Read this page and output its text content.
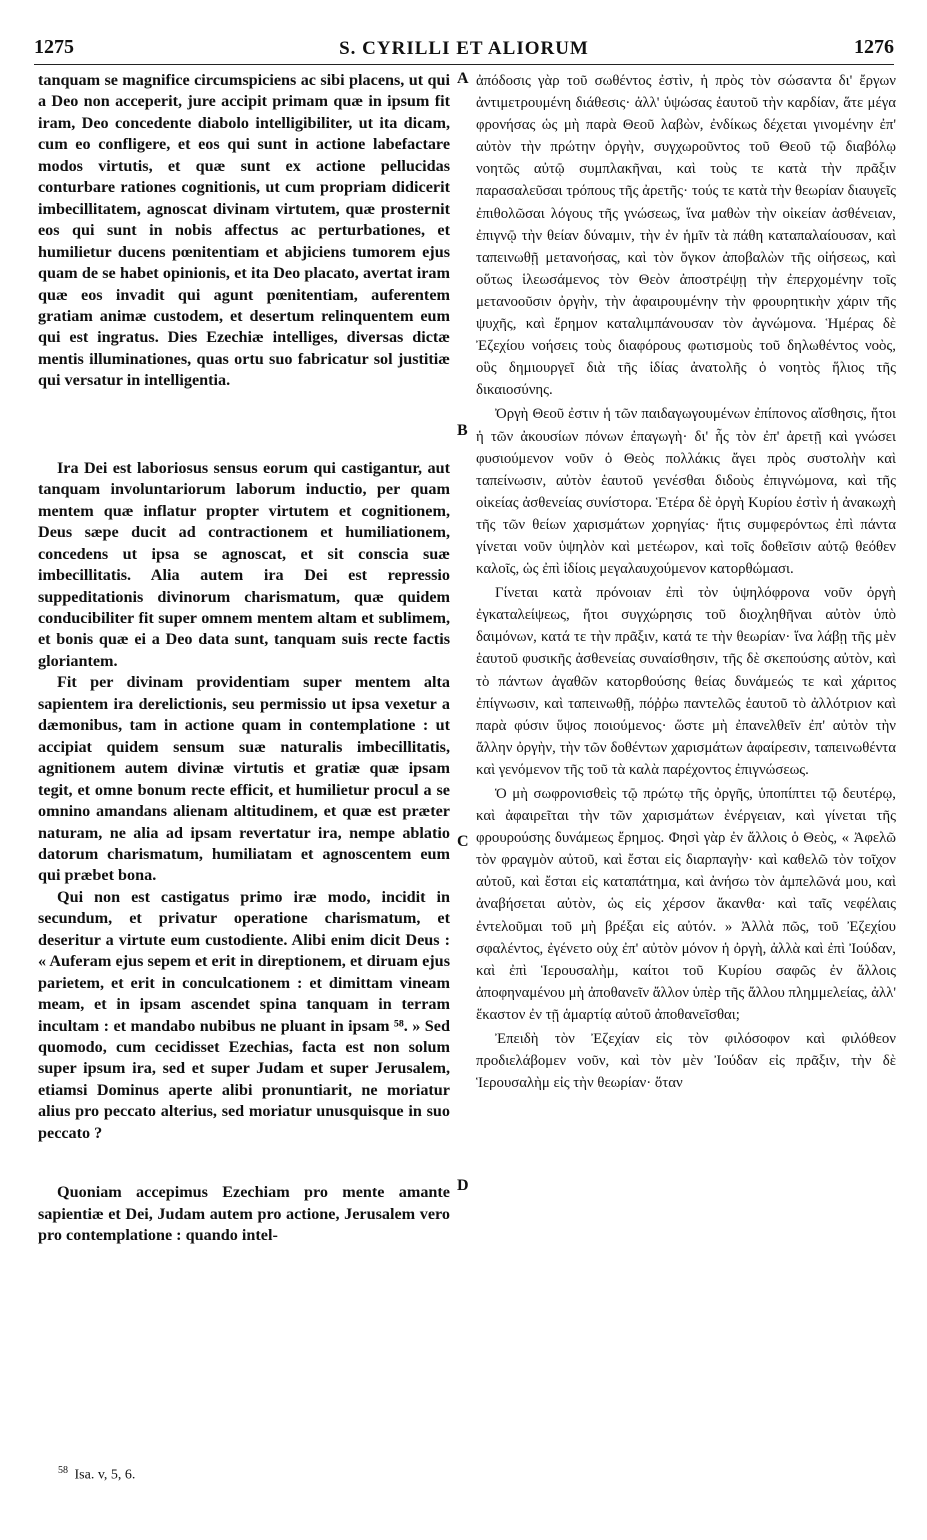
1275	S. CYRILLI ET ALIORUM	1276

tanquam se magnifice circumspiciens ac sibi placens, ut qui a Deo non acceperit, jure accipit primam quæ in ipsum fit iram, Deo concedente diabolo intelligibiliter, ut ita dicam, cum eo confligere, et eos qui sunt in actione labefactare modos virtutis, et quæ sunt ex actione pellucidas conturbare rationes cognitionis, ut cum propriam didicerit imbecillitatem, agnoscat divinam virtutem, quæ prosternit eos qui sunt in nobis affectus ac perturbationes, et humilietur ducens pœnitentiam et abjiciens tumorem ejus quam de se habet opinionis, et ita Deo placato, avertat iram quæ eos invadit qui agunt pœnitentiam, auferentem gratiam animæ custodem, et desertum relinquentem eum qui est ingratus. Dies Ezechiæ intelliges, diversas dictæ mentis illuminationes, quas ortu suo fabricatur sol justitiæ qui versatur in intelligentia.

Ira Dei est laboriosus sensus eorum qui castigantur, aut tanquam involuntariorum laborum inductio, per quam mentem quæ inflatur propter virtutem et cognitionem, Deus sæpe ducit ad contractionem et humiliationem, concedens ut ipsa se agnoscat, et sit conscia suæ imbecillitatis. Alia autem ira Dei est repressio suppeditationis divinorum charismatum, quæ quidem conducibiliter fit super omnem mentem altam et sublimem, et bonis quæ ei a Deo data sunt, tanquam suis recte factis gloriantem.

Fit per divinam providentiam super mentem alta sapientem ira derelictionis, seu permissio ut ipsa vexetur a dæmonibus, tam in actione quam in contemplatione : ut accipiat quidem sensum suæ naturalis imbecillitatis, agnitionem autem divinæ virtutis et gratiæ quæ ipsam tegit, et omne bonum recte efficit, et humilietur procul a se omnino amandans alienam altitudinem, et quæ est præter naturam, ne alia ad ipsam revertatur ira, nempe ablatio datorum charismatum, humiliatam et agnoscentem eum qui præbet bona.

Qui non est castigatus primo iræ modo, incidit in secundum, et privatur operatione charismatum, et deseritur a virtute eum custodiente. Alibi enim dicit Deus : « Auferam ejus sepem et erit in direptionem, et diruam ejus parietem, et erit in conculcationem : et dimittam vineam meam, et in ipsam ascendet spina tanquam in terram incultam : et mandabo nubibus ne pluant in ipsam ⁵⁸. » Sed quomodo, cum cecidisset Ezechias, facta est non solum super ipsum ira, sed et super Judam et super Jerusalem, etiamsi Dominus aperte alibi pronuntiarit, ne moriatur alius pro peccato alterius, sed moriatur unusquisque in suo peccato ?

Quoniam accepimus Ezechiam pro mente amante sapientiæ et Dei, Judam autem pro actione, Jerusalem vero pro contemplatione : quando intel-

ἀπόδοσις γὰρ τοῦ σωθέντος ἐστὶν, ἡ πρὸς τὸν σώσαντα δι' ἔργων ἀντιμετρουμένη διάθεσις· ἀλλ' ὑψώσας ἑαυτοῦ τὴν καρδίαν, ἅτε μέγα φρονήσας ὡς μὴ παρὰ Θεοῦ λαβὼν, ἐνδίκως δέχεται γινομένην ἐπ' αὐτὸν τὴν πρώτην ὀργὴν, συγχωροῦντος τοῦ Θεοῦ τῷ διαβόλῳ νοητῶς αὐτῷ συμπλακῆναι, καὶ τοὺς τε κατὰ τὴν πρᾶξιν παρασαλεῦσαι τρόπους τῆς ἀρετῆς· τούς τε κατὰ τὴν θεωρίαν διαυγεῖς ἐπιθολῶσαι λόγους τῆς γνώσεως, ἵνα μαθὼν τὴν οἰκείαν ἀσθένειαν, ἐπιγνῷ τὴν θείαν δύναμιν, τὴν ἐν ἡμῖν τὰ πάθη καταπαλαίουσαν, καὶ ταπεινωθῇ μετανοήσας, καὶ τὸν ὄγκον ἀποβαλὼν τῆς οἰήσεως, καὶ οὕτως ἱλεωσάμενος τὸν Θεὸν ἀποστρέψῃ τὴν ἐπερχομένην τοῖς μετανοοῦσιν ὀργὴν, τὴν ἀφαιρουμένην τὴν φρουρητικὴν χάριν τῆς ψυχῆς, καὶ ἔρημον καταλιμπάνουσαν τὸν ἀγνώμονα. Ἡμέρας δὲ Ἐζεχίου νοήσεις τοὺς διαφόρους φωτισμοὺς τοῦ δηλωθέντος νοὸς, οὓς δημιουργεῖ διὰ τῆς ἰδίας ἀνατολῆς ὁ νοητὸς ἥλιος τῆς δικαιοσύνης.

Ὀργὴ Θεοῦ ἐστιν ἡ τῶν παιδαγωγουμένων ἐπίπονος αἴσθησις, ἤτοι ἡ τῶν ἀκουσίων πόνων ἐπαγωγὴ· δι' ἧς τὸν ἐπ' ἀρετῇ καὶ γνώσει φυσιούμενον νοῦν ὁ Θεὸς πολλάκις ἄγει πρὸς συστολὴν καὶ ταπείνωσιν, αὐτὸν ἑαυτοῦ γενέσθαι διδοὺς ἐπιγνώμονα, καὶ τῆς οἰκείας ἀσθενείας συνίστορα. Ἑτέρα δὲ ὀργὴ Κυρίου ἐστὶν ἡ ἀνακωχὴ τῆς τῶν θείων χαρισμάτων χορηγίας· ἥτις συμφερόντως ἐπὶ πάντα γίνεται νοῦν ὑψηλὸν καὶ μετέωρον, καὶ τοῖς δοθεῖσιν αὐτῷ θεόθεν καλοῖς, ὡς ἐπὶ ἰδίοις μεγαλαυχούμενον κατορθώμασι.

Γίνεται κατὰ πρόνοιαν ἐπὶ τὸν ὑψηλόφρονα νοῦν ὀργὴ ἐγκαταλείψεως, ἤτοι συγχώρησις τοῦ διοχληθῆναι αὐτὸν ὑπὸ δαιμόνων, κατά τε τὴν πρᾶξιν, κατά τε τὴν θεωρίαν· ἵνα λάβῃ τῆς μὲν ἑαυτοῦ φυσικῆς ἀσθενείας συναίσθησιν, τῆς δὲ σκεπούσης αὐτὸν, καὶ τὸ πάντων ἀγαθῶν κατορθούσης θείας δυνάμεώς τε καὶ χάριτος ἐπίγνωσιν, καὶ ταπεινωθῇ, πόῤῥω παντελῶς ἑαυτοῦ τὸ ἀλλότριον καὶ παρὰ φύσιν ὕψος ποιούμενος· ὥστε μὴ ἐπανελθεῖν ἐπ' αὐτὸν τὴν ἄλλην ὀργὴν, τὴν τῶν δοθέντων χαρισμάτων ἀφαίρεσιν, ταπεινωθέντα καὶ γενόμενον τῆς τοῦ τὰ καλὰ παρέχοντος ἐπιγνώσεως.

Ὁ μὴ σωφρονισθεὶς τῷ πρώτῳ τῆς ὀργῆς, ὑποπίπτει τῷ δευτέρῳ, καὶ ἀφαιρεῖται τὴν τῶν χαρισμάτων ἐνέργειαν, καὶ γίνεται τῆς φρουρούσης δυνάμεως ἔρημος. Φησὶ γὰρ ἐν ἄλλοις ὁ Θεὸς, « Ἀφελῶ τὸν φραγμὸν αὐτοῦ, καὶ ἔσται εἰς διαρπαγὴν· καὶ καθελῶ τὸν τοῖχον αὐτοῦ, καὶ ἔσται εἰς καταπάτημα, καὶ ἀνήσω τὸν ἀμπελῶνά μου, καὶ ἀναβήσεται αὐτὸν, ὡς εἰς χέρσον ἄκανθα· καὶ ταῖς νεφέλαις ἐντελοῦμαι τοῦ μὴ βρέξαι εἰς αὐτόν. » Ἀλλὰ πῶς, τοῦ Ἐζεχίου σφαλέντος, ἐγένετο οὐχ ἐπ' αὐτὸν μόνον ἡ ὀργὴ, ἀλλὰ καὶ ἐπὶ Ἰούδαν, καὶ ἐπὶ Ἱερουσαλὴμ, καίτοι τοῦ Κυρίου σαφῶς ἐν ἄλλοις ἀποφηναμένου μὴ ἀποθανεῖν ἄλλον ὑπὲρ τῆς ἄλλου πλημμελείας, ἀλλ' ἕκαστον ἐν τῇ ἁμαρτίᾳ αὐτοῦ ἀποθανεῖσθαι;

Ἐπειδὴ τὸν Ἐζεχίαν εἰς τὸν φιλόσοφον καὶ φιλόθεον προδιελάβομεν νοῦν, καὶ τὸν μὲν Ἰούδαν εἰς πρᾶξιν, τὴν δὲ Ἱερουσαλὴμ εἰς τὴν θεωρίαν· ὅταν

A
B
C
D
$^{58}$ Isa. v, 5, 6.
